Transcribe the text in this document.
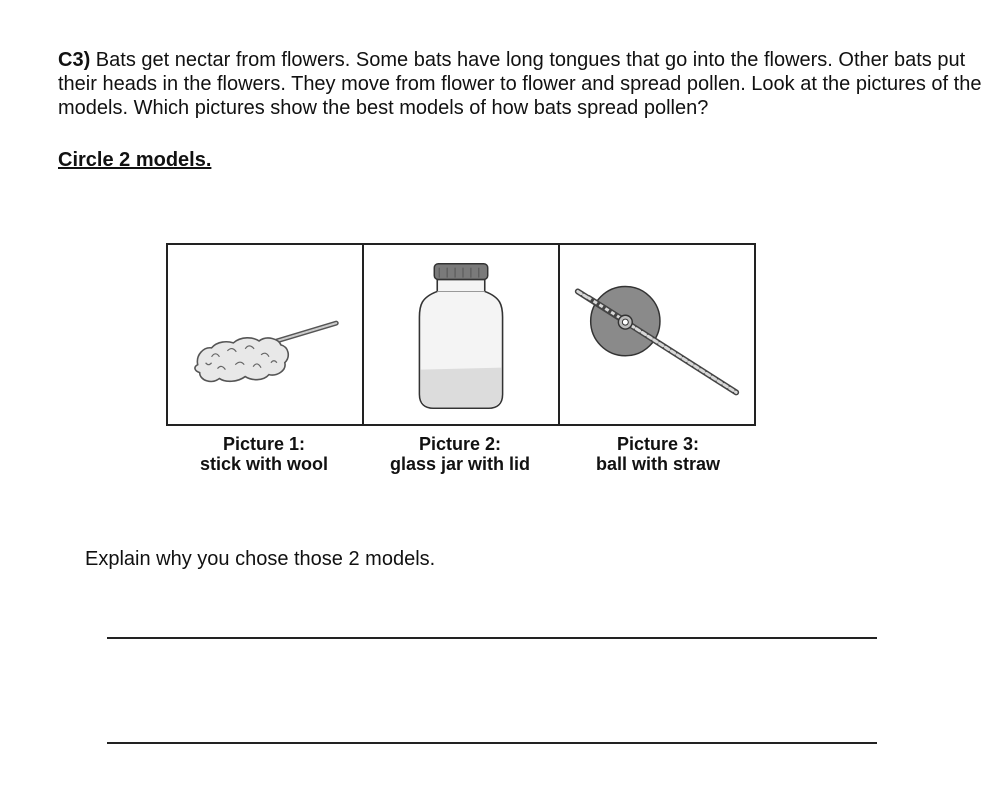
C3) Bats get nectar from flowers. Some bats have long tongues that go into the flowers. Other bats put their heads in the flowers. They move from flower to flower and spread pollen. Look at the pictures of the models. Which pictures show the best models of how bats spread pollen?
Circle 2 models.
Picture 1:
stick with wool
Picture 2:
glass jar with lid
Picture 3:
ball with straw
Explain why you chose those 2 models.
